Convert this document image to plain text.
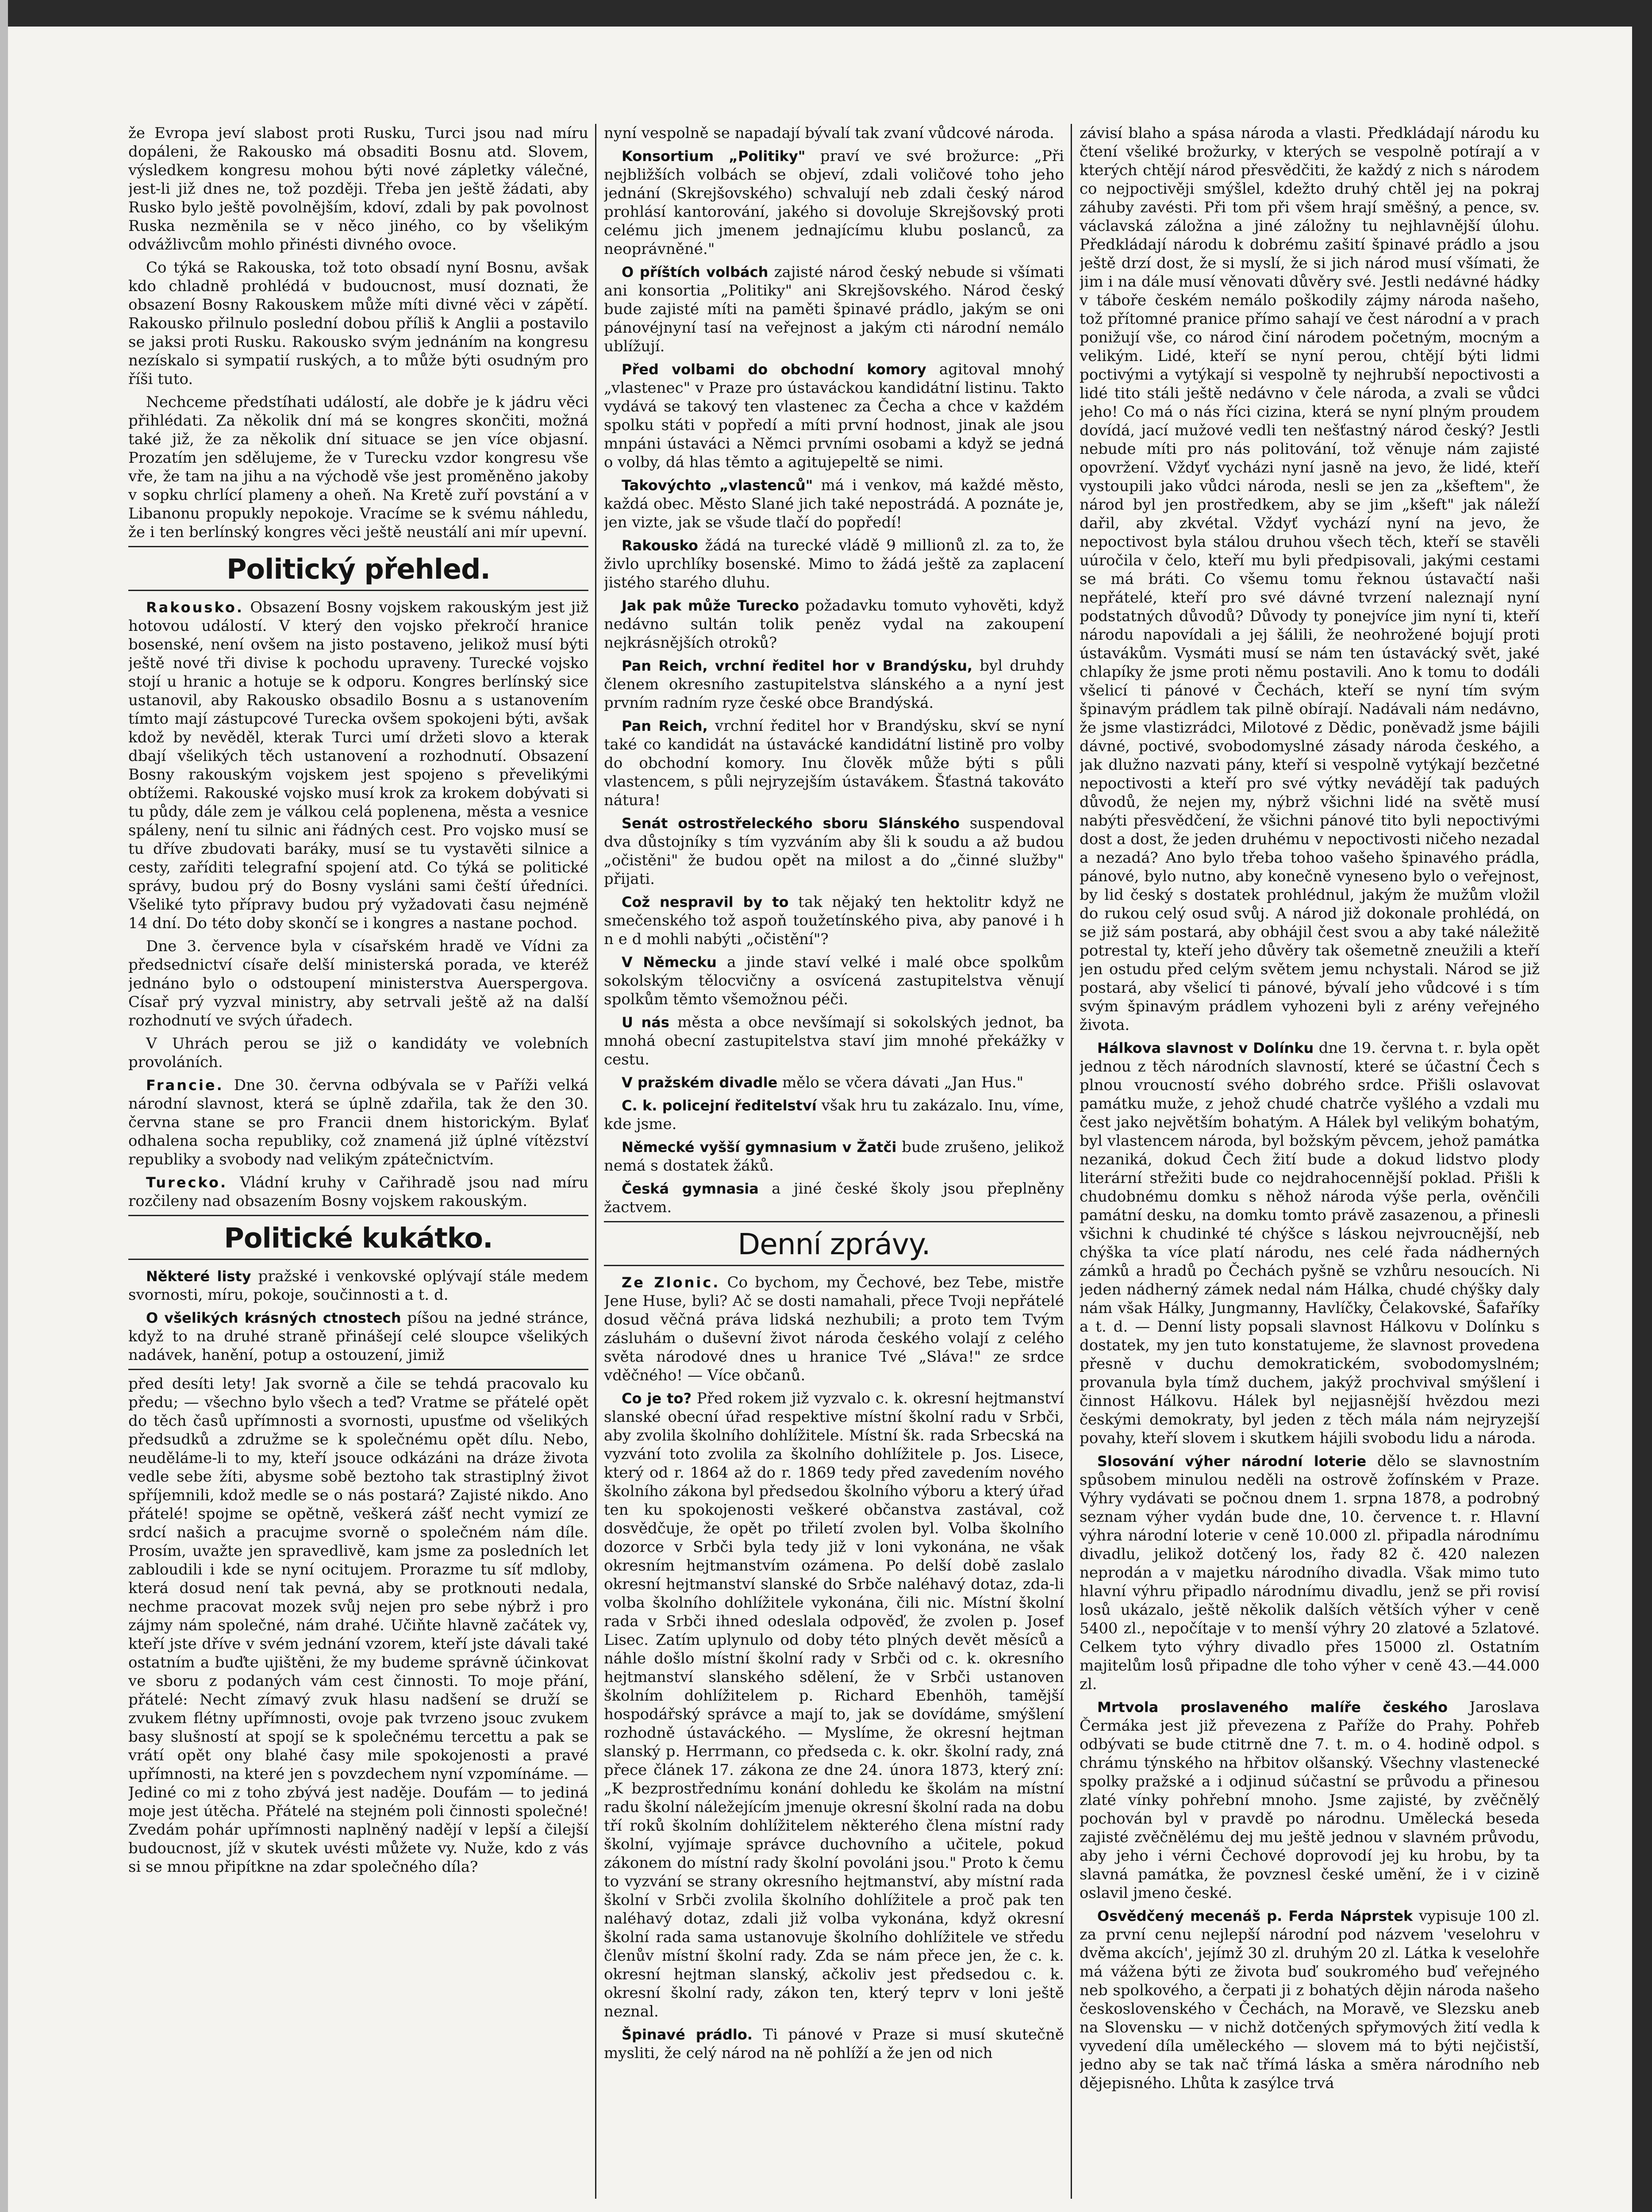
že Evropa jeví slabost proti Rusku, Turci jsou nad míru dopáleni, že Rakousko má obsaditi Bosnu atd. Slovem, výsledkem kongresu mohou býti nové zápletky válečné, jest-li již dnes ne, tož později. Třeba jen ještě žádati, aby Rusko bylo ještě povolnějším, kdoví, zdali by pak povolnost Ruska nezměnila se v něco jiného, co by všelikým odvážlivcům mohlo přinésti divného ovoce.

Co týká se Rakouska, tož toto obsadí nyní Bosnu, avšak kdo chladně prohlédá v budoucnost, musí doznati, že obsazení Bosny Rakouskem může míti divné věci v zápětí. Rakousko přilnulo poslední dobou příliš k Anglii a postavilo se jaksi proti Rusku. Rakousko svým jednáním na kongresu nezískalo si sympatií ruských, a to může býti osudným pro říši tuto.

Nechceme předstíhati událostí, ale dobře je k jádru věci přihlédati. Za několik dní má se kongres skončiti, možná také již, že za několik dní situace se jen více objasní. Prozatím jen sdělujeme, že v Turecku vzdor kongresu vše vře, že tam na jihu a na východě vše jest proměněno jakoby v sopku chrlící plameny a oheň. Na Kretě zuří povstání a v Libanonu propukly nepokoje. Vracíme se k svému náhledu, že i ten berlínský kongres věci ještě neustálí ani mír upevní.

Politický přehled.

Rakousko. Obsazení Bosny vojskem rakouským jest již hotovou událostí. V který den vojsko překročí hranice bosenské, není ovšem na jisto postaveno, jelikož musí býti ještě nové tři divise k pochodu upraveny. Turecké vojsko stojí u hranic a hotuje se k odporu. Kongres berlínský sice ustanovil, aby Rakousko obsadilo Bosnu a s ustanovením tímto mají zástupcové Turecka ovšem spokojeni býti, avšak kdož by nevěděl, kterak Turci umí držeti slovo a kterak dbají všelikých těch ustanovení a rozhodnutí. Obsazení Bosny rakouským vojskem jest spojeno s převelikými obtížemi. Rakouské vojsko musí krok za krokem dobývati si tu půdy, dále zem je válkou celá poplenena, města a vesnice spáleny, není tu silnic ani řádných cest. Pro vojsko musí se tu dříve zbudovati baráky, musí se tu vystavěti silnice a cesty, zaříditi telegrafní spojení atd. Co týká se politické správy, budou prý do Bosny vysláni sami čeští úředníci. Všeliké tyto přípravy budou prý vyžadovati času nejméně 14 dní. Do této doby skončí se i kongres a nastane pochod.

Dne 3. července byla v císařském hradě ve Vídni za předsednictví císaře delší ministerská porada, ve kteréž jednáno bylo o odstoupení ministerstva Auerspergova. Císař prý vyzval ministry, aby setrvali ještě až na další rozhodnutí ve svých úřadech.

V Uhrách perou se již o kandidáty ve volebních provoláních.

Francie. Dne 30. června odbývala se v Paříži velká národní slavnost, která se úplně zdařila, tak že den 30. června stane se pro Francii dnem historickým. Bylať odhalena socha republiky, což znamená již úplné vítězství republiky a svobody nad velikým zpátečnictvím.

Turecko. Vládní kruhy v Cařihradě jsou nad míru rozčileny nad obsazením Bosny vojskem rakouským.

Politické kukátko.

Některé listy pražské i venkovské oplývají stále medem svornosti, míru, pokoje, součinnosti a t. d.

O všelikých krásných ctnostech píšou na jedné stránce, když to na druhé straně přinášejí celé sloupce všelikých nadávek, hanění, potup a ostouzení, jimiž

před desíti lety! Jak svorně a čile se tehdá pracovalo ku předu; — všechno bylo všech a teď? Vratme se přátelé opět do těch časů upřímnosti a svornosti, upusťme od všelikých předsudků a združme se k společnému opět dílu. Nebo, neuděláme-li to my, kteří jsouce odkázáni na dráze života vedle sebe žíti, abysme sobě beztoho tak strastiplný život spříjemnili, kdož medle se o nás postará? Zajisté nikdo. Ano přátelé! spojme se opětně, veškerá zášť necht vymizí ze srdcí našich a pracujme svorně o společném nám díle. Prosím, uvažte jen spravedlivě, kam jsme za posledních let zabloudili i kde se nyní ocitujem. Prorazme tu síť mdloby, která dosud není tak pevná, aby se protknouti nedala, nechme pracovat mozek svůj nejen pro sebe nýbrž i pro zájmy nám společné, nám drahé. Učiňte hlavně začátek vy, kteří jste dříve v svém jednání vzorem, kteří jste dávali také ostatním a buďte ujištěni, že my budeme správně účinkovat ve sboru z podaných vám cest činnosti. To moje přání, přátelé: Necht zímavý zvuk hlasu nadšení se druží se zvukem flétny upřímnosti, ovoje pak tvrzeno jsouc zvukem basy slušností at spojí se k společnému tercettu a pak se vrátí opět ony blahé časy mile spokojenosti a pravé upřímnosti, na které jen s povzdechem nyní vzpomínáme. — Jediné co mi z toho zbývá jest naděje. Doufám — to jediná moje jest útěcha. Přátelé na stejném poli činnosti společné! Zvedám pohár upřímnosti naplněný nadějí v lepší a čilejší budoucnost, jíž v skutek uvésti můžete vy. Nuže, kdo z vás si se mnou připítkne na zdar společného díla?

nyní vespolně se napadají bývalí tak zvaní vůdcové národa.

Konsortium „Politiky" praví ve své brožurce: „Při nejbližších volbách se objeví, zdali voličové toho jeho jednání (Skrejšovského) schvalují neb zdali český národ prohlásí kantorování, jakého si dovoluje Skrejšovský proti celému jich jmenem jednajícímu klubu poslanců, za neoprávněné."

O příštích volbách zajisté národ český nebude si všímati ani konsortia „Politiky" ani Skrejšovského. Národ český bude zajisté míti na paměti špinavé prádlo, jakým se oni pánovéjnyní tasí na veřejnost a jakým cti národní nemálo ublížují.

Před volbami do obchodní komory agitoval mnohý „vlastenec" v Praze pro ústaváckou kandidátní listinu. Takto vydává se takový ten vlastenec za Čecha a chce v každém spolku státi v popředí a míti první hodnost, jinak ale jsou mnpáni ústaváci a Němci prvními osobami a když se jedná o volby, dá hlas těmto a agitujepeltě se nimi.

Takovýchto „vlastenců" má i venkov, má každé město, každá obec. Město Slané jich také nepostrádá. A poznáte je, jen vizte, jak se všude tlačí do popředí!

Rakousko žádá na turecké vládě 9 millionů zl. za to, že živlo uprchlíky bosenské. Mimo to žádá ještě za zaplacení jistého starého dluhu.

Jak pak může Turecko požadavku tomuto vyhověti, když nedávno sultán tolik peněz vydal na zakoupení nejkrásnějších otroků?

Pan Reich, vrchní ředitel hor v Brandýsku, byl druhdy členem okresního zastupitelstva slánského a a nyní jest prvním radním ryze české obce Brandýská.

Pan Reich, vrchní ředitel hor v Brandýsku, skví se nyní také co kandidát na ústavácké kandidátní listině pro volby do obchodní komory. Inu člověk může býti s půli vlastencem, s půli nejryzejším ústavákem. Šťastná takováto nátura!

Senát ostrostřeleckého sboru Slánského suspendoval dva důstojníky s tím vyzváním aby šli k soudu a až budou „očistěni" že budou opět na milost a do „činné služby" přijati.

Což nespravil by to tak nějaký ten hektolitr když ne smečenského tož aspoň toužetínského piva, aby panové i h n e d mohli nabýti „očistění"?

V Německu a jinde staví velké i malé obce spolkům sokolským tělocvičny a osvícená zastupitelstva věnují spolkům těmto všemožnou péči.

U nás města a obce nevšímají si sokolských jednot, ba mnohá obecní zastupitelstva staví jim mnohé překážky v cestu.

V pražském divadle mělo se včera dávati „Jan Hus."

C. k. policejní ředitelství však hru tu zakázalo. Inu, víme, kde jsme.

Německé vyšší gymnasium v Žatči bude zrušeno, jelikož nemá s dostatek žáků.

Česká gymnasia a jiné české školy jsou přeplněny žactvem.

Denní zprávy.

Ze Zlonic. Co bychom, my Čechové, bez Tebe, mistře Jene Huse, byli? Ač se dosti namahali, přece Tvoji nepřátelé dosud věčná práva lidská nezhubili; a proto tem Tvým zásluhám o duševní život národa českého volají z celého světa národové dnes u hranice Tvé „Sláva!" ze srdce vděčného! — Více občanů.

Co je to? Před rokem již vyzvalo c. k. okresní hejtmanství slanské obecní úřad respektive místní školní radu v Srbči, aby zvolila školního dohlížitele. Místní šk. rada Srbecská na vyzvání toto zvolila za školního dohlížitele p. Jos. Lisece, který od r. 1864 až do r. 1869 tedy před zavedením nového školního zákona byl předsedou školního výboru a který úřad ten ku spokojenosti veškeré občanstva zastával, což dosvědčuje, že opět po třiletí zvolen byl. Volba školního dozorce v Srbči byla tedy již v loni vykonána, ne však okresním hejtmanstvím ozámena. Po delší době zaslalo okresní hejtmanství slanské do Srbče naléhavý dotaz, zda-li volba školního dohlížitele vykonána, čili nic. Místní školní rada v Srbči ihned odeslala odpověď, že zvolen p. Josef Lisec. Zatím uplynulo od doby této plných devět měsíců a náhle došlo místní školní rady v Srbči od c. k. okresního hejtmanství slanského sdělení, že v Srbči ustanoven školním dohlížitelem p. Richard Ebenhöh, tamější hospodářský správce a mají to, jak se dovídáme, smýšlení rozhodně ústaváckého. — Myslíme, že okresní hejtman slanský p. Herrmann, co předseda c. k. okr. školní rady, zná přece článek 17. zákona ze dne 24. února 1873, který zní: „K bezprostřednímu konání dohledu ke školám na místní radu školní náležejícím jmenuje okresní školní rada na dobu tří roků školním dohlížitelem některého člena místní rady školní, vyjímaje správce duchovního a učitele, pokud zákonem do místní rady školní povoláni jsou." Proto k čemu to vyzvání se strany okresního hejtmanství, aby místní rada školní v Srbči zvolila školního dohlížitele a proč pak ten naléhavý dotaz, zdali již volba vykonána, když okresní školní rada sama ustanovuje školního dohlížitele ve středu členův místní školní rady. Zda se nám přece jen, že c. k. okresní hejtman slanský, ačkoliv jest předsedou c. k. okresní školní rady, zákon ten, který teprv v loni ještě neznal.

Špinavé prádlo. Ti pánové v Praze si musí skutečně mysliti, že celý národ na ně pohlíží a že jen od nich

závisí blaho a spása národa a vlasti. Předkládají národu ku čtení všeliké brožurky, v kterých se vespolně potírají a v kterých chtějí národ přesvědčiti, že každý z nich s národem co nejpoctivěji smýšlel, kdežto druhý chtěl jej na pokraj záhuby zavésti. Při tom při všem hrají směšný, a pence, sv. václavská záložna a jiné záložny tu nejhlavnější úlohu. Předkládají národu k dobrému zašití špinavé prádlo a jsou ještě drzí dost, že si myslí, že si jich národ musí všímati, že jim i na dále musí věnovati důvěry své. Jestli nedávné hádky v táboře českém nemálo poškodily zájmy národa našeho, tož přítomné pranice přímo sahají ve čest národní a v prach ponižují vše, co národ činí národem početným, mocným a velikým. Lidé, kteří se nyní perou, chtějí býti lidmi poctivými a vytýkají si vespolně ty nejhrubší nepoctivosti a lidé tito stáli ještě nedávno v čele národa, a zvali se vůdci jeho! Co má o nás říci cizina, která se nyní plným proudem dovídá, jací mužové vedli ten nešťastný národ český? Jestli nebude míti pro nás politování, tož věnuje nám zajisté opovržení. Vždyť vycházi nyní jasně na jevo, že lidé, kteří vystoupili jako vůdci národa, nesli se jen za „kšeftem", že národ byl jen prostředkem, aby se jim „kšeft" jak náleží dařil, aby zkvétal. Vždyť vychází nyní na jevo, že nepoctivost byla stálou druhou všech těch, kteří se stavěli uúročila v čelo, kteří mu byli předpisovali, jakými cestami se má bráti. Co všemu tomu řeknou ústavačtí naši nepřátelé, kteří pro své dávné tvrzení naleznají nyní podstatných důvodů? Důvody ty ponejvíce jim nyní ti, kteří národu napovídali a jej šálili, že neohrožené bojují proti ústavákům. Vysmáti musí se nám ten ústavácký svět, jaké chlapíky že jsme proti němu postavili. Ano k tomu to dodáli všelicí ti pánové v Čechách, kteří se nyní tím svým špinavým prádlem tak pilně obírají. Nadávali nám nedávno, že jsme vlastizrádci, Milotové z Dědic, poněvadž jsme bájili dávné, poctivé, svobodomyslné zásady národa českého, a jak dlužno nazvati pány, kteří si vespolně vytýkají bezčetné nepoctivosti a kteří pro své výtky nevádějí tak paduých důvodů, že nejen my, nýbrž všichni lidé na světě musí nabýti přesvědčení, že všichni pánové tito byli nepoctivými dost a dost, že jeden druhému v nepoctivosti ničeho nezadal a nezadá? Ano bylo třeba tohoo vašeho špinavého prádla, pánové, bylo nutno, aby konečně vyneseno bylo o veřejnost, by lid český s dostatek prohlédnul, jakým že mužům vložil do rukou celý osud svůj. A národ již dokonale prohlédá, on se již sám postará, aby obhájil čest svou a aby také náležitě potrestal ty, kteří jeho důvěry tak ošemetně zneužili a kteří jen ostudu před celým světem jemu nchystali. Národ se již postará, aby všelicí ti pánové, bývalí jeho vůdcové i s tím svým špinavým prádlem vyhozeni byli z arény veřejného života.

Hálkova slavnost v Dolínku dne 19. června t. r. byla opět jednou z těch národních slavností, které se účastní Čech s plnou vroucností svého dobrého srdce. Přišli oslavovat památku muže, z jehož chudé chatrče vyšlého a vzdali mu čest jako největším bohatým. A Hálek byl velikým bohatým, byl vlastencem národa, byl božským pěvcem, jehož památka nezaniká, dokud Čech žití bude a dokud lidstvo plody literární střežiti bude co nejdrahocennější poklad. Přišli k chudobnému domku s něhož národa výše perla, ověnčili památní desku, na domku tomto právě zasazenou, a přinesli všichni k chudinké té chýšce s láskou nejvroucnější, neb chýška ta více platí národu, nes celé řada nádherných zámků a hradů po Čechách pyšně se vzhůru nesoucích. Ni jeden nádherný zámek nedal nám Hálka, chudé chýšky daly nám však Hálky, Jungmanny, Havlíčky, Čelakovské, Šafaříky a t. d. — Denní listy popsali slavnost Hálkovu v Dolínku s dostatek, my jen tuto konstatujeme, že slavnost provedena přesně v duchu demokratickém, svobodomyslném; provanula byla tímž duchem, jakýž prochvival smýšlení i činnost Hálkovu. Hálek byl nejjasnější hvězdou mezi českými demokraty, byl jeden z těch mála nám nejryzejší povahy, kteří slovem i skutkem hájili svobodu lidu a národa.

Slosování výher národní loterie dělo se slavnostním spůsobem minulou neděli na ostrově žofínském v Praze. Výhry vydávati se počnou dnem 1. srpna 1878, a podrobný seznam výher vydán bude dne, 10. července t. r. Hlavní výhra národní loterie v ceně 10.000 zl. připadla národnímu divadlu, jelikož dotčený los, řady 82 č. 420 nalezen neprodán a v majetku národního divadla. Však mimo tuto hlavní výhru připadlo národnímu divadlu, jenž se při rovisí losů ukázalo, ještě několik dalších větších výher v ceně 5400 zl., nepočítaje v to menší výhry 20 zlatové a 5zlatové. Celkem tyto výhry divadlo přes 15000 zl. Ostatním majitelům losů připadne dle toho výher v ceně 43.—44.000 zl.

Mrtvola proslaveného malíře českého Jaroslava Čermáka jest již převezena z Paříže do Prahy. Pohřeb odbývati se bude ctitrně dne 7. t. m. o 4. hodině odpol. s chrámu týnského na hřbitov olšanský. Všechny vlastenecké spolky pražské a i odjinud súčastní se průvodu a přinesou zlaté vínky pohřební mnoho. Jsme zajisté, by zvěčnělý pochován byl v pravdě po národnu. Umělecká beseda zajisté zvěčnělému dej mu ještě jednou v slavném průvodu, aby jeho i vérni Čechové doprovodí jej ku hrobu, by ta slavná památka, že povznesl české umění, že i v cizině oslavil jmeno české.

Osvědčený mecenáš p. Ferda Náprstek vypisuje 100 zl. za první cenu nejlepší národní pod názvem 'veselohru v dvěma akcích', jejímž 30 zl. druhým 20 zl. Látka k veselohře má vážena býti ze života buď soukromého buď veřejného neb spolkového, a čerpati ji z bohatých dějin národa našeho československého v Čechách, na Moravě, ve Slezsku aneb na Slovensku — v nichž dotčených spřymových žití vedla k vyvedení díla uměleckého — slovem má to býti nejčistší, jedno aby se tak nač třímá láska a směra národního neb dějepisného. Lhůta k zasýlce trvá
